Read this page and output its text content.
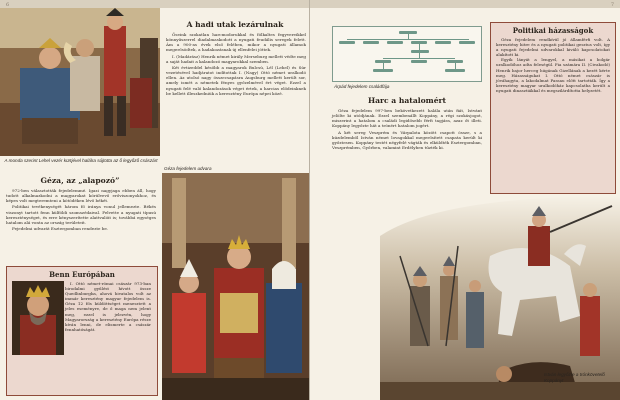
6
A monda szerint Lehel vezér kürtjével halálra sújtotta az ő legyőző császárt
Géza, az „alapozó”

972-ben választották fejedelemmé. Igazi nagyjaga ebben áll, hogy tudott alkalmazkodni a magyarokat körülvevő erőviszonyokhoz, és képes volt megteremteni a kötödéken lévő békét.

Politikai tevékenységét három fő iránya vonul jellemezte. Békés viszonyt tartott fenn külföldi szomszédaival. Felvette a nyugati típusú kereszténységet, és erre kényszerítette alattvalóit is; továbbá egységes hatalom alá vonta az ország területeit.

Fejedelmi udvarát Esztergomban rendezte be.

Benn Európában

I. Ottó német-római császár 973-ban birodalmi gyűlést hívott össze Quedlinburgba, ahová hivatalos volt az immár keresztény magyar fejedelem is. Géza 12 fős küldöttséget menesztett a jeles eseményre, de ő maga nem jelent meg, ezzel is jelezvén, hogy Magyarország a keresztény Európa része kíván lenni, de elismerte a császár fennhatóságát.

A hadi utak lezárulnak

Öseink szokatlan harcmodorukkal és fölkaltes fegyvereikkel könnyűszerrel diadalmaskodott a nyugati feudális seregek felett. Ám a 900-as évek első felében, mikor a nyugati államok megerősödtek, a hadakozásnak új ellenfelei jöttek.

I. (Madárász) Henrik német király Merseburg mellett védte meg a saját hadait a kalandozó magyarokkal szemben.

Két évtizeddel később a magyarok Bulcsú, Lél (Lehel) és Súr vezetésével hadjáratot indítottak I. (Nagy) Ottó német uralkodó ellen. Az utolsó nagy összecsapásra Augsburg mellett került sor, amely ismét a németek fényes győzelmével ért véget. Ezzel a nyugati felé való kalandozások véget értek, a harcias elődeinknek be kellett illeszkedniük a keresztény Európa népei közé.

Géza fejedelem udvara
7
Árpád fejedelem családfája
Harc a hatalomért

Géza fejedelem 997-ben bekövetkezett halála után fiát, Istvánt jelölte ki utódjának. Ezzel szembenállt Koppány, a régi szokásjogot, miszerint a hatalom a családi legidősebb férfi tagjára, azaz őt illeti. Koppány legyőzte hát a trónért hatalom jogért.

A két sereg Veszprém és Várpalota között csapott össze, s a küzdelemből István német lovagokkal megerősített csapata került ki győztesen. Koppány testét négyfelé vágták és elküldték Esztergomban, Veszprémben, Győrben, valamint Erdélyben tűzték ki.

Politikai házasságok

Géza fejedelem rendkívül jó államférfi volt. A keresztény hitre és a nyugati politikai gesztus volt, így a nyugati fejedelmi udvarokkal kiváló kapcsolatokat alakított ki.

Egyik lányát a lengyel, a másikat a bolgár uralkodóhoz adta feleségül. Fia számára II. (Civakodó) Henrik bajor herceg húgának Gizellának a kezét kérte meg. Házasságukat I. Ottó német császár is jóváhagyta, a lakodalmat Passau előtt tartották. Így a keresztény magyar uralkodóház kapcsolatba került a nyugati dinasztiákkal és megszilárdította helyzetét.

István legyőzte a trónkövetelő Koppányt
